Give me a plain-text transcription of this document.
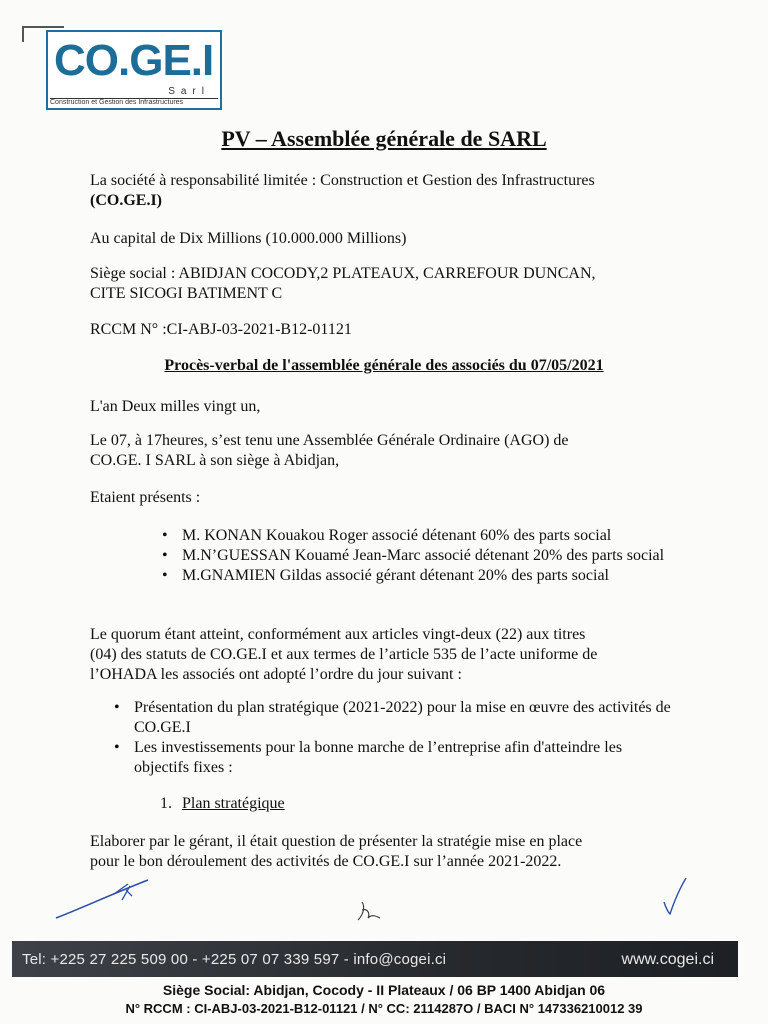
CO.GE.I
Sarl
Construction et Gestion des Infrastructures
PV – Assemblée générale de SARL
La société à responsabilité limitée : Construction et Gestion des Infrastructures
(CO.GE.I)
Au capital de Dix Millions (10.000.000 Millions)
Siège social : ABIDJAN COCODY,2 PLATEAUX, CARREFOUR DUNCAN,
CITE SICOGI BATIMENT C
RCCM N° :CI-ABJ-03-2021-B12-01121
Procès-verbal de l'assemblée générale des associés du 07/05/2021
L'an Deux milles vingt un,
Le 07, à 17heures, s’est tenu une Assemblée Générale Ordinaire (AGO) de
CO.GE. I SARL à son siège à Abidjan,
Etaient présents :
• M. KONAN Kouakou Roger associé détenant 60% des parts social
• M.N’GUESSAN Kouamé Jean-Marc associé détenant 20% des parts social
• M.GNAMIEN Gildas associé gérant détenant 20% des parts social
Le quorum étant atteint, conformément aux articles vingt-deux (22) aux titres
(04) des statuts de CO.GE.I et aux termes de l’article 535 de l’acte uniforme de
l’OHADA les associés ont adopté l’ordre du jour suivant :
• Présentation du plan stratégique (2021-2022) pour la mise en œuvre des activités de CO.GE.I
• Les investissements pour la bonne marche de l’entreprise afin d'atteindre les objectifs fixes :
1. Plan stratégique
Elaborer par le gérant, il était question de présenter la stratégie mise en place
pour le bon déroulement des activités de CO.GE.I sur l’année 2021-2022.
Tel: +225 27 225 509 00 - +225 07 07 339 597 - info@cogei.ci	www.cogei.ci
Siège Social: Abidjan, Cocody - II Plateaux / 06 BP 1400 Abidjan 06
N° RCCM : CI-ABJ-03-2021-B12-01121 / N° CC: 2114287O / BACI N° 147336210012 39
